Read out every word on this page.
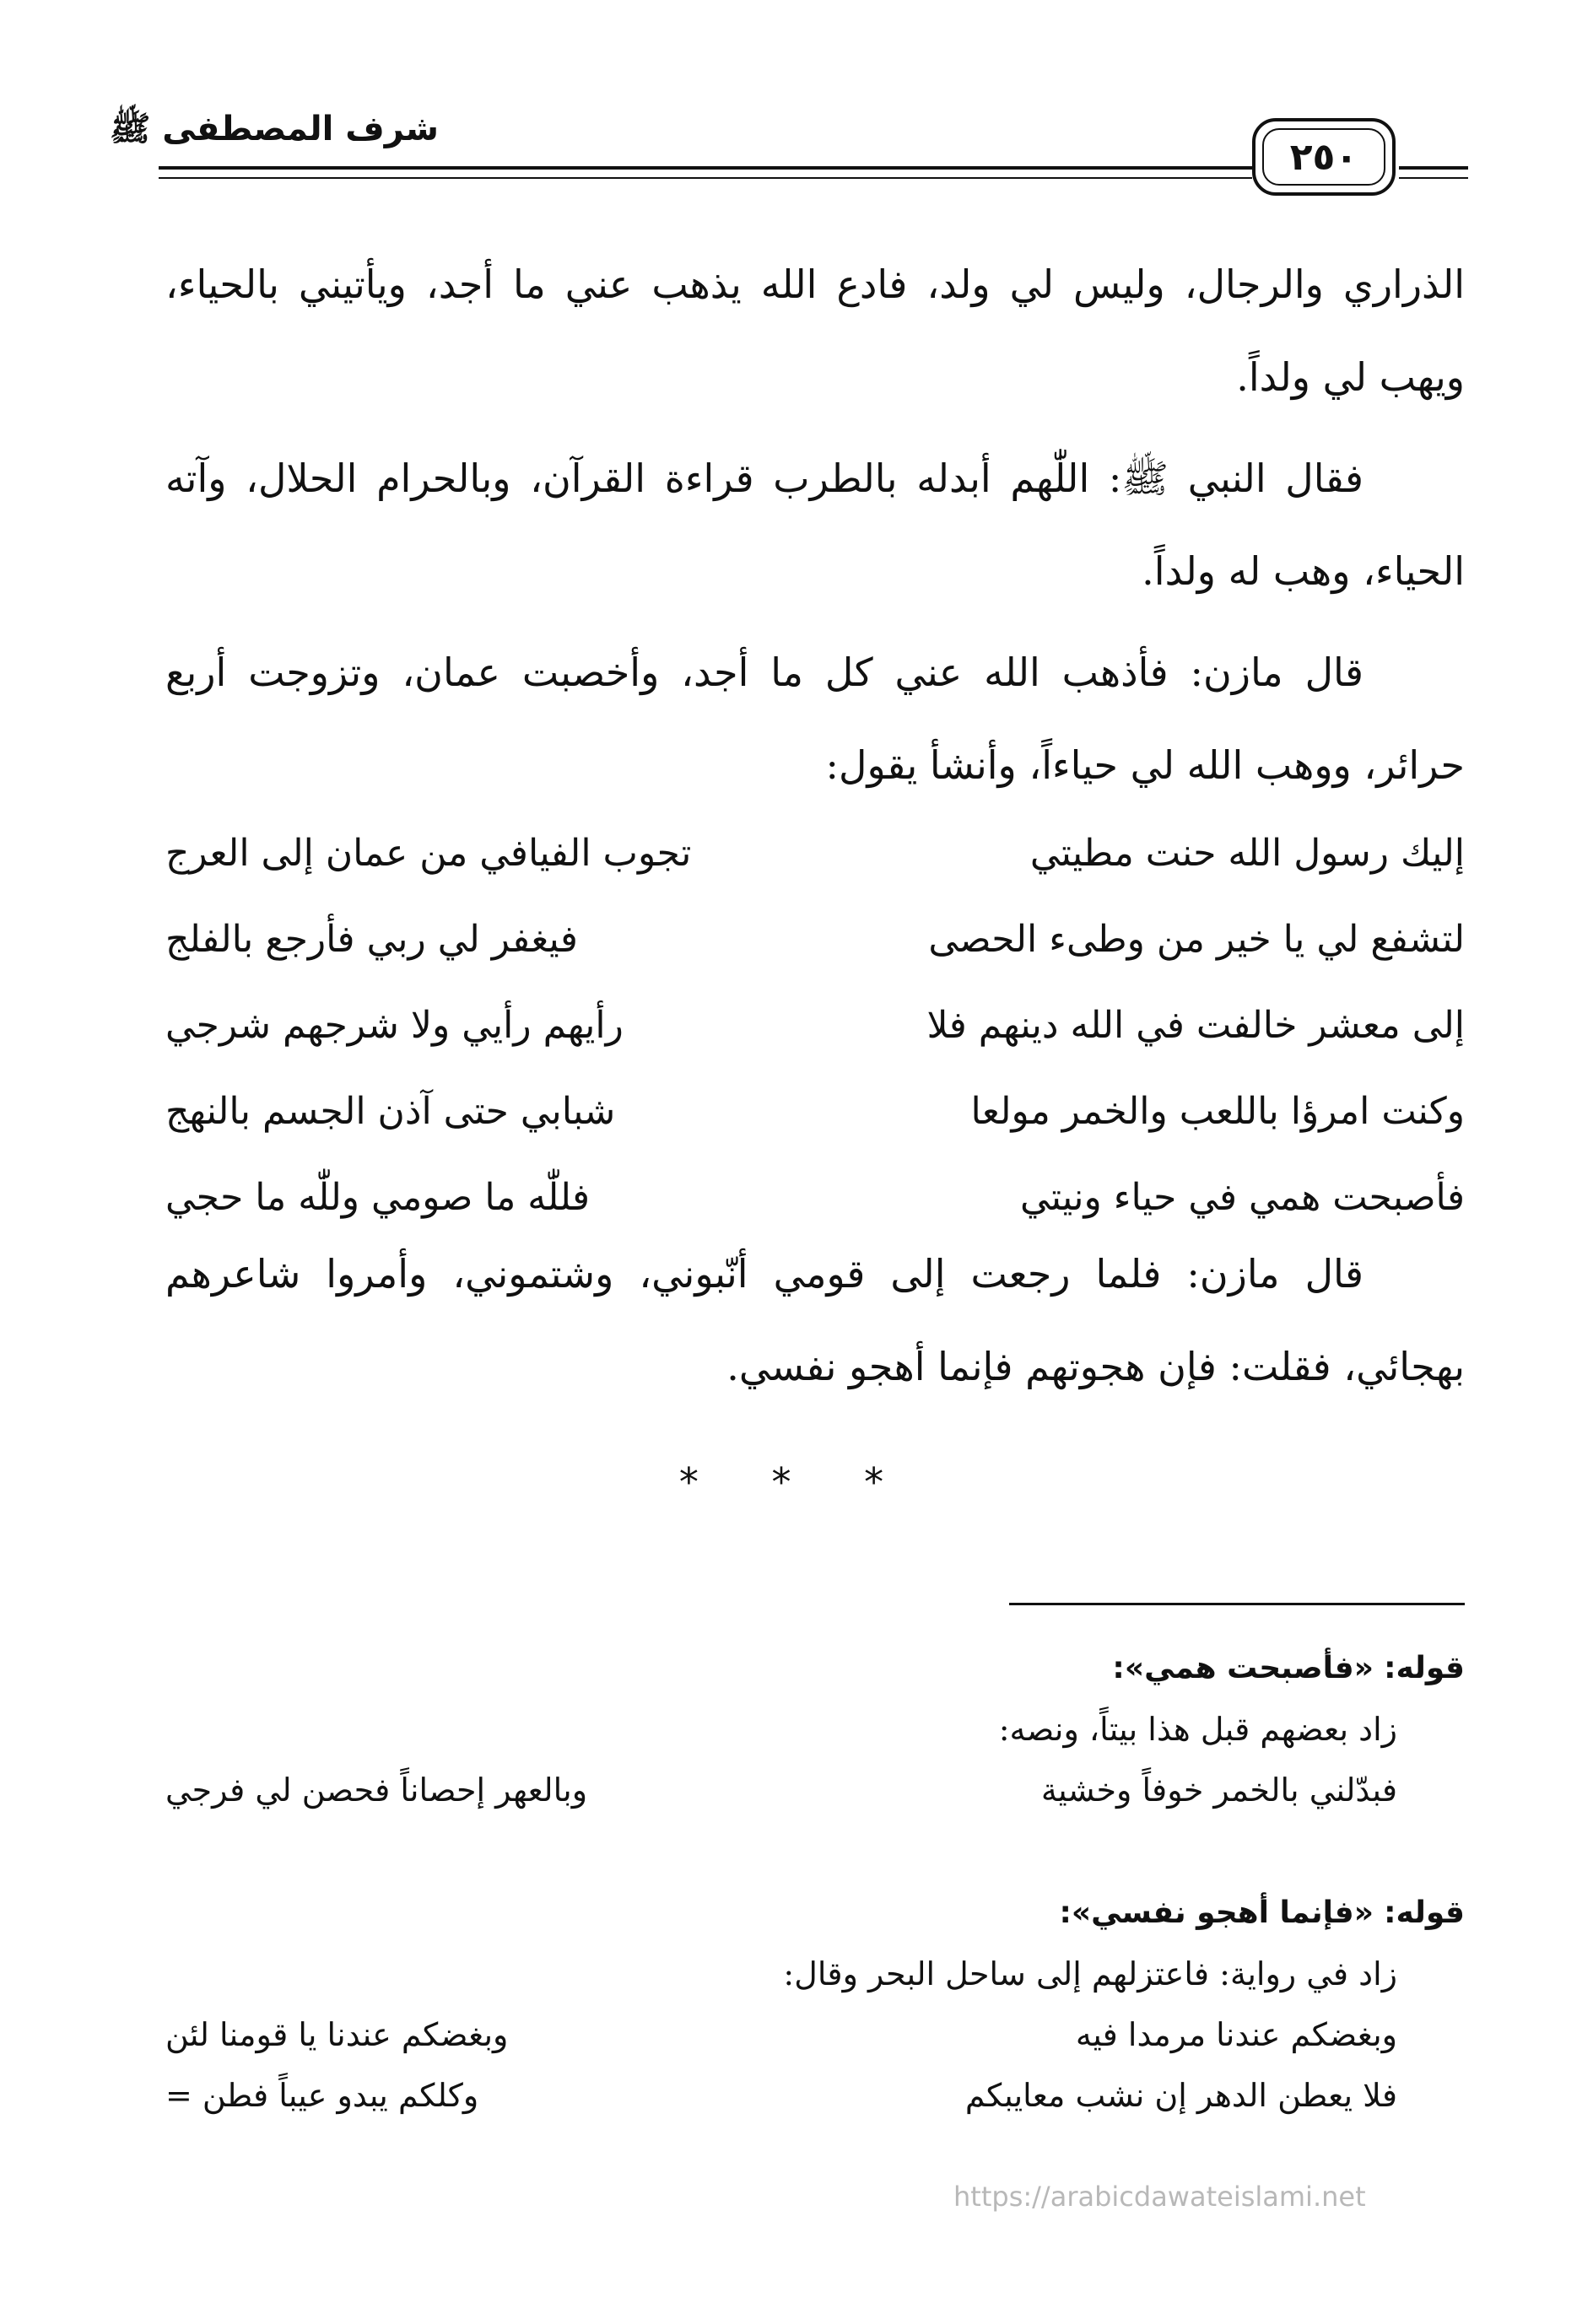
شرف المصطفى ﷺ
٢٥٠

الذراري والرجال، وليس لي ولد، فادع الله يذهب عني ما أجد، ويأتيني بالحياء، ويهب لي ولداً.

فقال النبي ﷺ: اللّٰهم أبدله بالطرب قراءة القرآن، وبالحرام الحلال، وآته الحياء، وهب له ولداً.

قال مازن: فأذهب الله عني كل ما أجد، وأخصبت عمان، وتزوجت أربع حرائر، ووهب الله لي حياءاً، وأنشأ يقول:

إليك رسول الله حنت مطيتي
تجوب الفيافي من عمان إلى العرج
لتشفع لي يا خير من وطىء الحصى
فيغفر لي ربي فأرجع بالفلج
إلى معشر خالفت في الله دينهم فلا
رأيهم رأيي ولا شرجهم شرجي
وكنت امرؤا باللعب والخمر مولعا
شبابي حتى آذن الجسم بالنهج
فأصبحت همي في حياء ونيتي
فللّٰه ما صومي وللّٰه ما حجي

قال مازن: فلما رجعت إلى قومي أنّبوني، وشتموني، وأمروا شاعرهم بهجائي، فقلت: فإن هجوتهم فإنما أهجو نفسي.

* * *
قوله: «فأصبحت همي»:
زاد بعضهم قبل هذا بيتاً، ونصه:
فبدّلني بالخمر خوفاً وخشية
وبالعهر إحصاناً فحصن لي فرجي
قوله: «فإنما أهجو نفسي»:
زاد في رواية: فاعتزلهم إلى ساحل البحر وقال:
وبغضكم عندنا مرمدا فيه
وبغضكم عندنا يا قومنا لئن
فلا يعطن الدهر إن نشب معايبكم
وكلكم يبدو عيباً فطن =
https://arabicdawateislami.net
